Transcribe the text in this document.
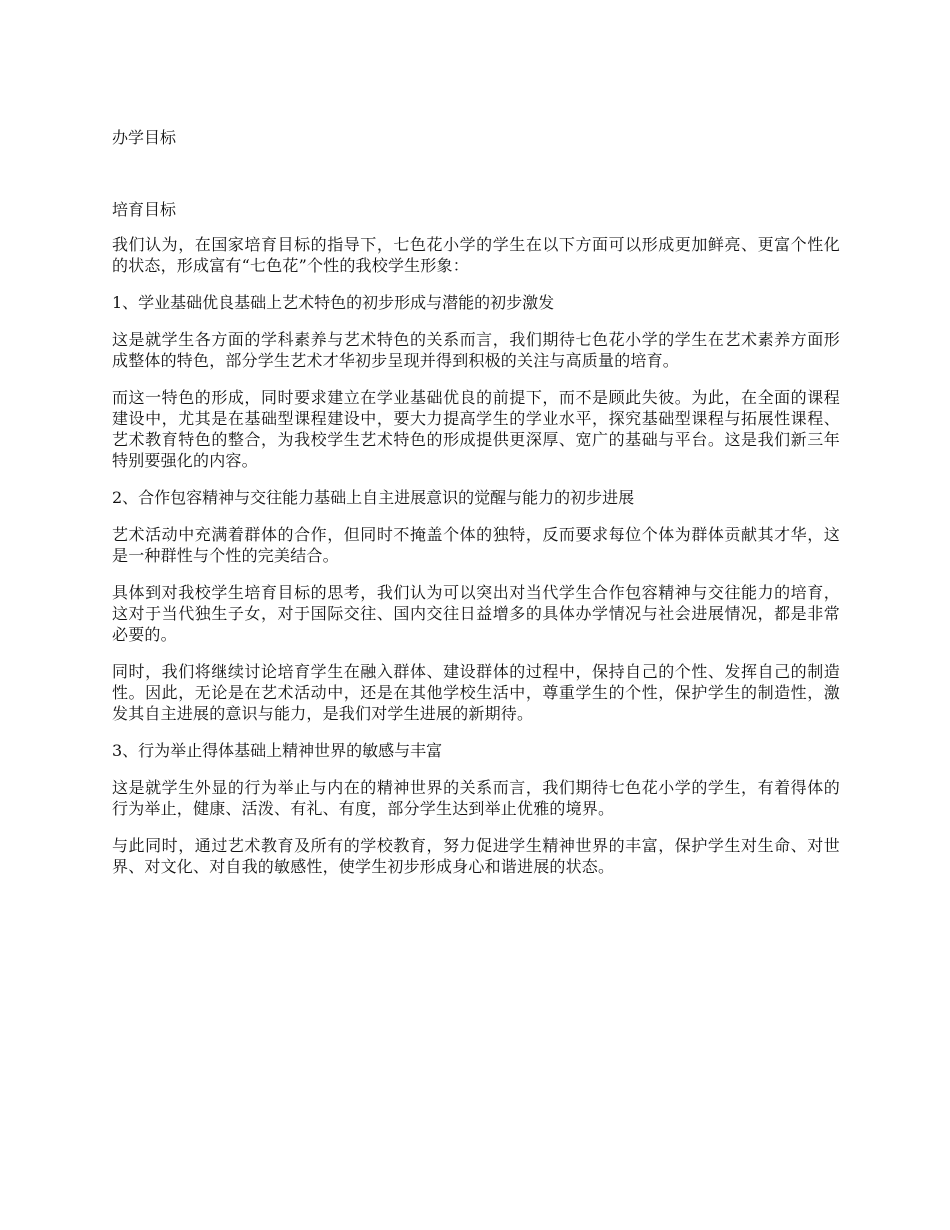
办学目标
培育目标

我们认为，在国家培育目标的指导下，七色花小学的学生在以下方面可以形成更加鲜亮、更富个性化的状态，形成富有“七色花”个性的我校学生形象：

1、学业基础优良基础上艺术特色的初步形成与潜能的初步激发

这是就学生各方面的学科素养与艺术特色的关系而言，我们期待七色花小学的学生在艺术素养方面形成整体的特色，部分学生艺术才华初步呈现并得到积极的关注与高质量的培育。

而这一特色的形成，同时要求建立在学业基础优良的前提下，而不是顾此失彼。为此，在全面的课程建设中，尤其是在基础型课程建设中，要大力提高学生的学业水平，探究基础型课程与拓展性课程、艺术教育特色的整合，为我校学生艺术特色的形成提供更深厚、宽广的基础与平台。这是我们新三年特别要强化的内容。

2、合作包容精神与交往能力基础上自主进展意识的觉醒与能力的初步进展

艺术活动中充满着群体的合作，但同时不掩盖个体的独特，反而要求每位个体为群体贡献其才华，这是一种群性与个性的完美结合。

具体到对我校学生培育目标的思考，我们认为可以突出对当代学生合作包容精神与交往能力的培育，这对于当代独生子女，对于国际交往、国内交往日益增多的具体办学情况与社会进展情况，都是非常必要的。

同时，我们将继续讨论培育学生在融入群体、建设群体的过程中，保持自己的个性、发挥自己的制造性。因此，无论是在艺术活动中，还是在其他学校生活中，尊重学生的个性，保护学生的制造性，激发其自主进展的意识与能力，是我们对学生进展的新期待。

3、行为举止得体基础上精神世界的敏感与丰富

这是就学生外显的行为举止与内在的精神世界的关系而言，我们期待七色花小学的学生，有着得体的行为举止，健康、活泼、有礼、有度，部分学生达到举止优雅的境界。

与此同时，通过艺术教育及所有的学校教育，努力促进学生精神世界的丰富，保护学生对生命、对世界、对文化、对自我的敏感性，使学生初步形成身心和谐进展的状态。
